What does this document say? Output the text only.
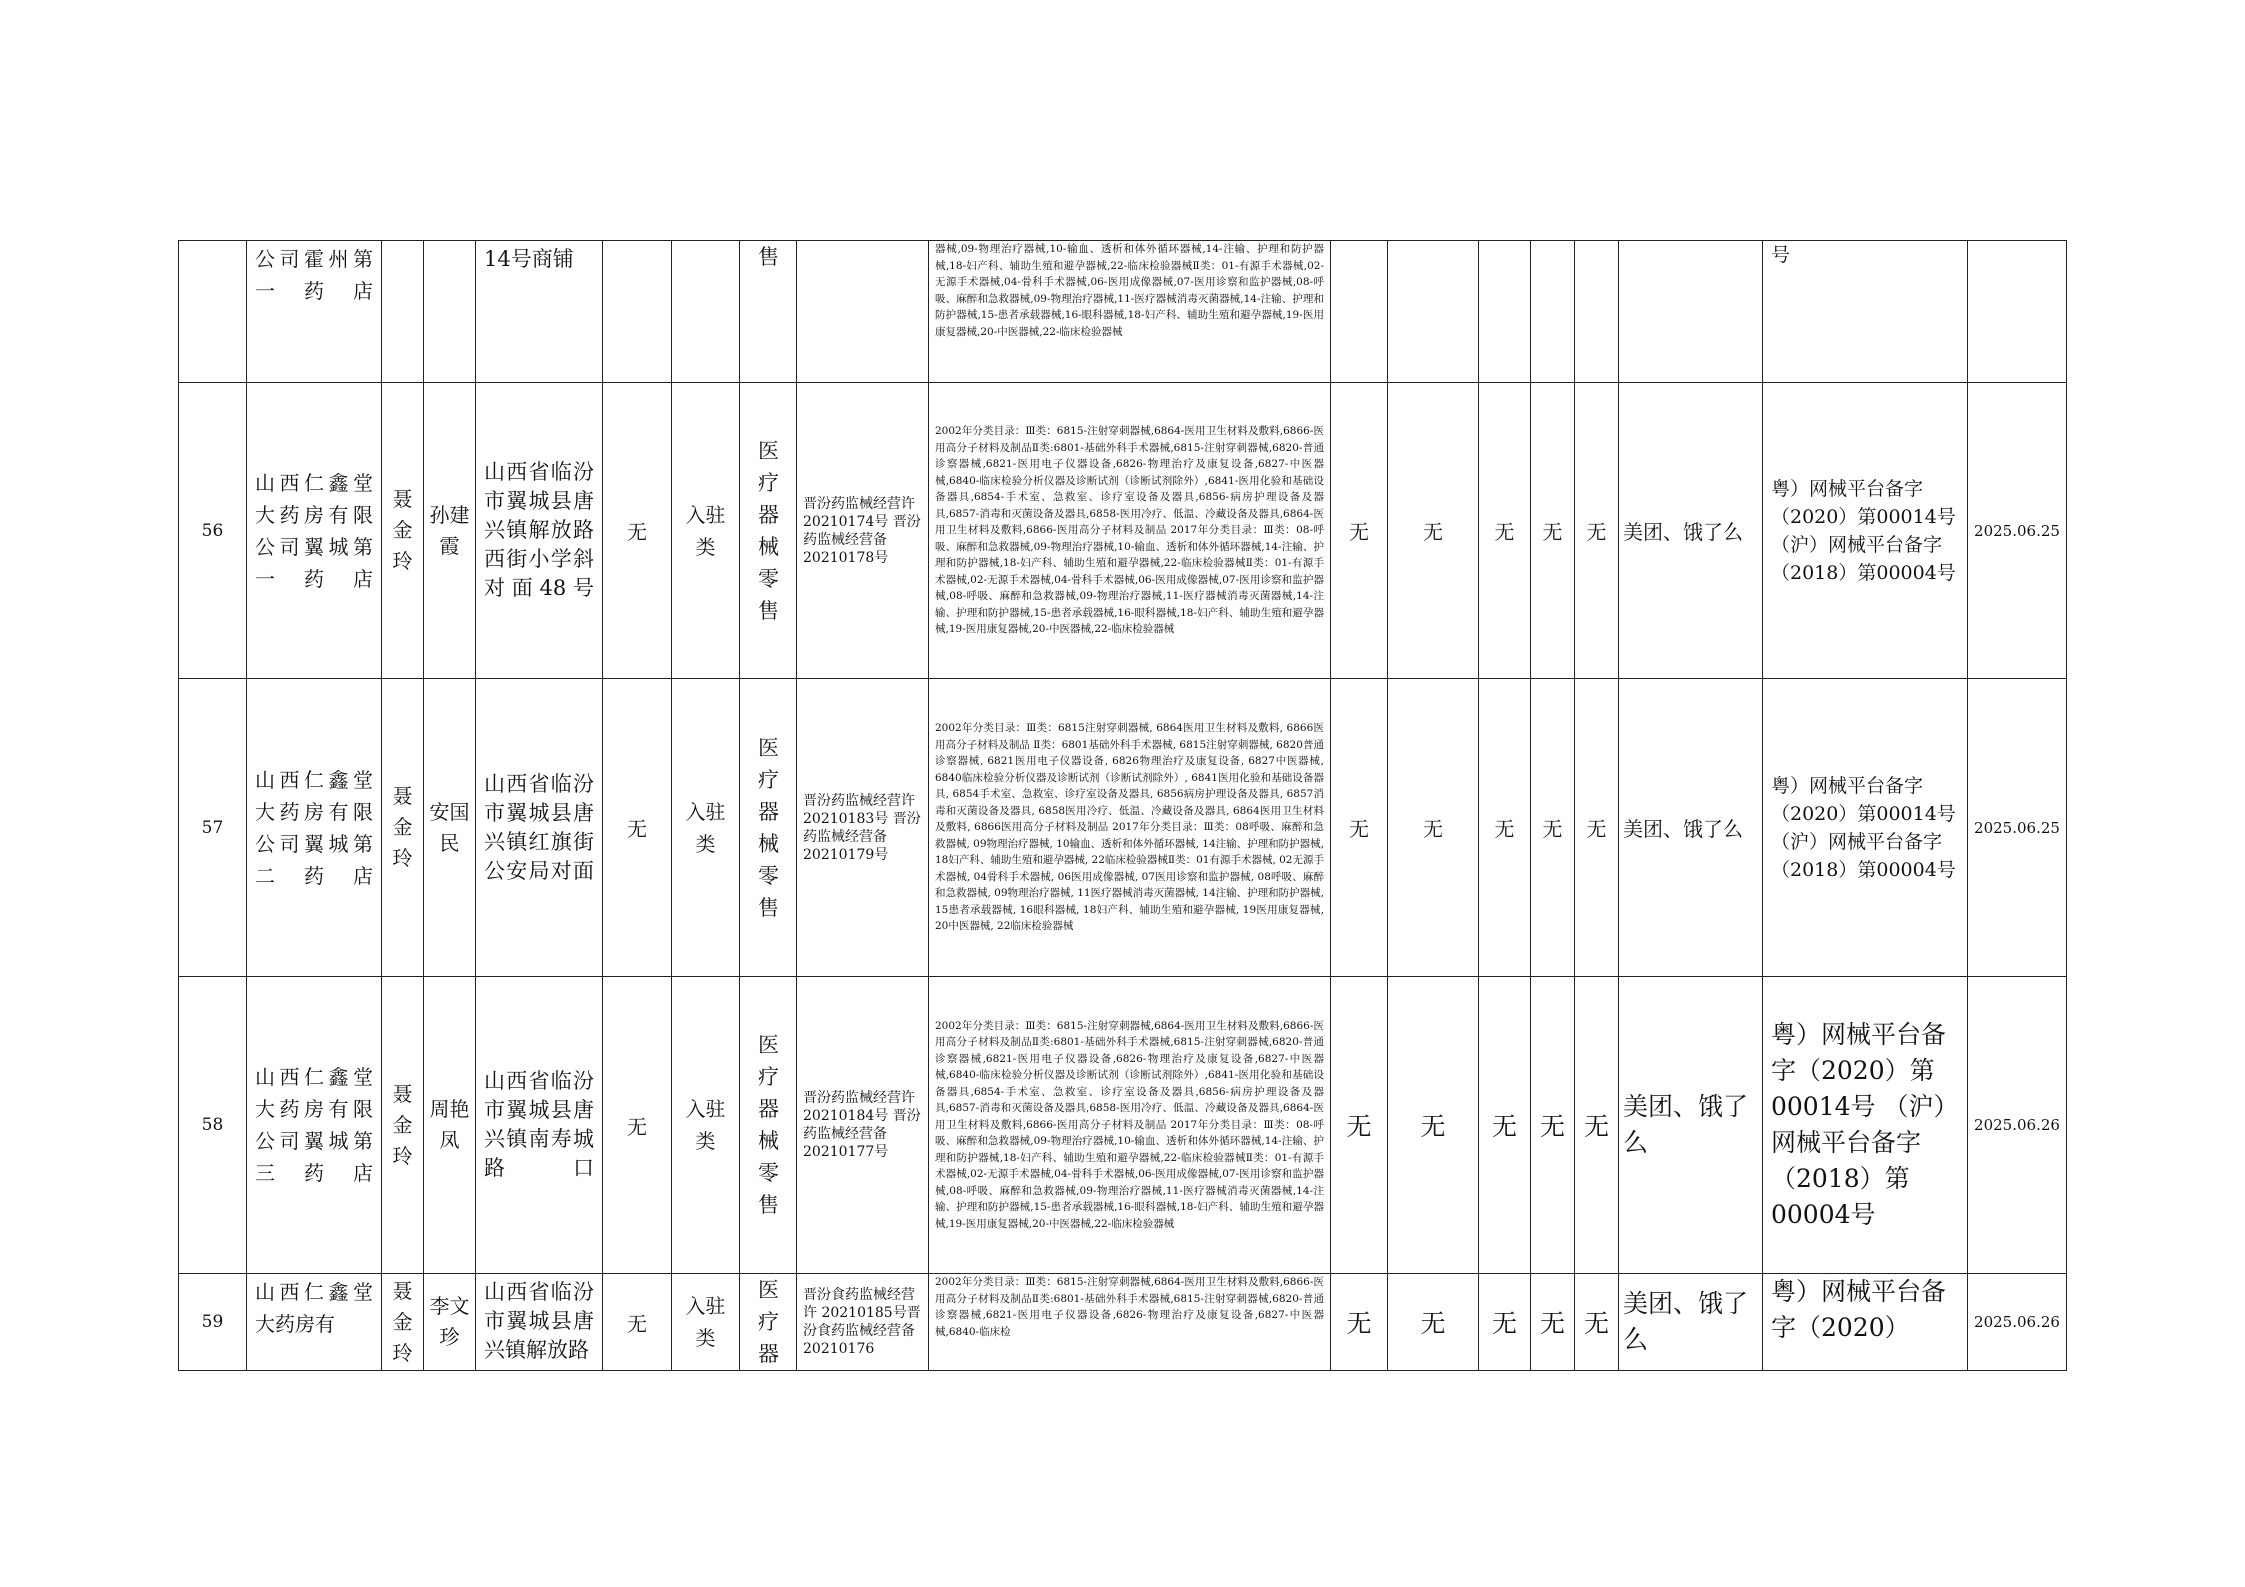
	公司霍州第一药店			14号商铺			售		器械,09-物理治疗器械,10-输血、透析和体外循环器械,14-注输、护理和防护器械,18-妇产科、辅助生殖和避孕器械,22-临床检验器械Ⅱ类：01-有源手术器械,02-无源手术器械,04-骨科手术器械,06-医用成像器械,07-医用诊察和监护器械,08-呼吸、麻醉和急救器械,09-物理治疗器械,11-医疗器械消毒灭菌器械,14-注输、护理和防护器械,15-患者承载器械,16-眼科器械,18-妇产科、辅助生殖和避孕器械,19-医用康复器械,20-中医器械,22-临床检验器械							号	
56	山西仁鑫堂大药房有限公司翼城第一药店	聂金玲	孙建霞	山西省临汾市翼城县唐兴镇解放路西街小学斜对面48号	无	入驻类	医疗器械零售	晋汾药监械经营许 20210174号 晋汾药监械经营备 20210178号	2002年分类目录：Ⅲ类：6815-注射穿刺器械,6864-医用卫生材料及敷料,6866-医用高分子材料及制品Ⅱ类:6801-基础外科手术器械,6815-注射穿刺器械,6820-普通诊察器械,6821-医用电子仪器设备,6826-物理治疗及康复设备,6827-中医器械,6840-临床检验分析仪器及诊断试剂（诊断试剂除外）,6841-医用化验和基础设备器具,6854-手术室、急救室、诊疗室设备及器具,6856-病房护理设备及器具,6857-消毒和灭菌设备及器具,6858-医用冷疗、低温、冷藏设备及器具,6864-医用卫生材料及敷料,6866-医用高分子材料及制品 2017年分类目录：Ⅲ类：08-呼吸、麻醉和急救器械,09-物理治疗器械,10-输血、透析和体外循环器械,14-注输、护理和防护器械,18-妇产科、辅助生殖和避孕器械,22-临床检验器械Ⅱ类：01-有源手术器械,02-无源手术器械,04-骨科手术器械,06-医用成像器械,07-医用诊察和监护器械,08-呼吸、麻醉和急救器械,09-物理治疗器械,11-医疗器械消毒灭菌器械,14-注输、护理和防护器械,15-患者承载器械,16-眼科器械,18-妇产科、辅助生殖和避孕器械,19-医用康复器械,20-中医器械,22-临床检验器械	无	无	无	无	无	美团、饿了么	粤）网械平台备字（2020）第00014号 （沪）网械平台备字（2018）第00004号	2025.06.25
57	山西仁鑫堂大药房有限公司翼城第二药店	聂金玲	安国民	山西省临汾市翼城县唐兴镇红旗街公安局对面	无	入驻类	医疗器械零售	晋汾药监械经营许 20210183号 晋汾药监械经营备 20210179号	2002年分类目录：Ⅲ类：6815注射穿刺器械, 6864医用卫生材料及敷料, 6866医用高分子材料及制品 Ⅱ类：6801基础外科手术器械, 6815注射穿刺器械, 6820普通诊察器械, 6821医用电子仪器设备, 6826物理治疗及康复设备, 6827中医器械, 6840临床检验分析仪器及诊断试剂（诊断试剂除外）, 6841医用化验和基础设备器具, 6854手术室、急救室、诊疗室设备及器具, 6856病房护理设备及器具, 6857消毒和灭菌设备及器具, 6858医用冷疗、低温、冷藏设备及器具, 6864医用卫生材料及敷料, 6866医用高分子材料及制品 2017年分类目录：Ⅲ类：08呼吸、麻醉和急救器械, 09物理治疗器械, 10输血、透析和体外循环器械, 14注输、护理和防护器械, 18妇产科、辅助生殖和避孕器械, 22临床检验器械Ⅱ类：01有源手术器械, 02无源手术器械, 04骨科手术器械, 06医用成像器械, 07医用诊察和监护器械, 08呼吸、麻醉和急救器械, 09物理治疗器械, 11医疗器械消毒灭菌器械, 14注输、护理和防护器械, 15患者承载器械, 16眼科器械, 18妇产科、辅助生殖和避孕器械, 19医用康复器械, 20中医器械, 22临床检验器械	无	无	无	无	无	美团、饿了么	粤）网械平台备字（2020）第00014号 （沪）网械平台备字（2018）第00004号	2025.06.25
58	山西仁鑫堂大药房有限公司翼城第三药店	聂金玲	周艳凤	山西省临汾市翼城县唐兴镇南寿城路口	无	入驻类	医疗器械零售	晋汾药监械经营许 20210184号 晋汾药监械经营备 20210177号	2002年分类目录：Ⅲ类：6815-注射穿刺器械,6864-医用卫生材料及敷料,6866-医用高分子材料及制品Ⅱ类:6801-基础外科手术器械,6815-注射穿刺器械,6820-普通诊察器械,6821-医用电子仪器设备,6826-物理治疗及康复设备,6827-中医器械,6840-临床检验分析仪器及诊断试剂（诊断试剂除外）,6841-医用化验和基础设备器具,6854-手术室、急救室、诊疗室设备及器具,6856-病房护理设备及器具,6857-消毒和灭菌设备及器具,6858-医用冷疗、低温、冷藏设备及器具,6864-医用卫生材料及敷料,6866-医用高分子材料及制品 2017年分类目录：Ⅲ类：08-呼吸、麻醉和急救器械,09-物理治疗器械,10-输血、透析和体外循环器械,14-注输、护理和防护器械,18-妇产科、辅助生殖和避孕器械,22-临床检验器械Ⅱ类：01-有源手术器械,02-无源手术器械,04-骨科手术器械,06-医用成像器械,07-医用诊察和监护器械,08-呼吸、麻醉和急救器械,09-物理治疗器械,11-医疗器械消毒灭菌器械,14-注输、护理和防护器械,15-患者承载器械,16-眼科器械,18-妇产科、辅助生殖和避孕器械,19-医用康复器械,20-中医器械,22-临床检验器械	无	无	无	无	无	美团、饿了么	粤）网械平台备字（2020）第00014号 （沪）网械平台备字（2018）第00004号	2025.06.26
59	山西仁鑫堂大药房有	聂金玲	李文珍	山西省临汾市翼城县唐兴镇解放路	无	入驻类	医疗器	晋汾食药监械经营许 20210185号晋汾食药监械经营备 20210176	2002年分类目录：Ⅲ类：6815-注射穿刺器械,6864-医用卫生材料及敷料,6866-医用高分子材料及制品Ⅱ类:6801-基础外科手术器械,6815-注射穿刺器械,6820-普通诊察器械,6821-医用电子仪器设备,6826-物理治疗及康复设备,6827-中医器械,6840-临床检	无	无	无	无	无	美团、饿了么	粤）网械平台备字（2020）	2025.06.26
